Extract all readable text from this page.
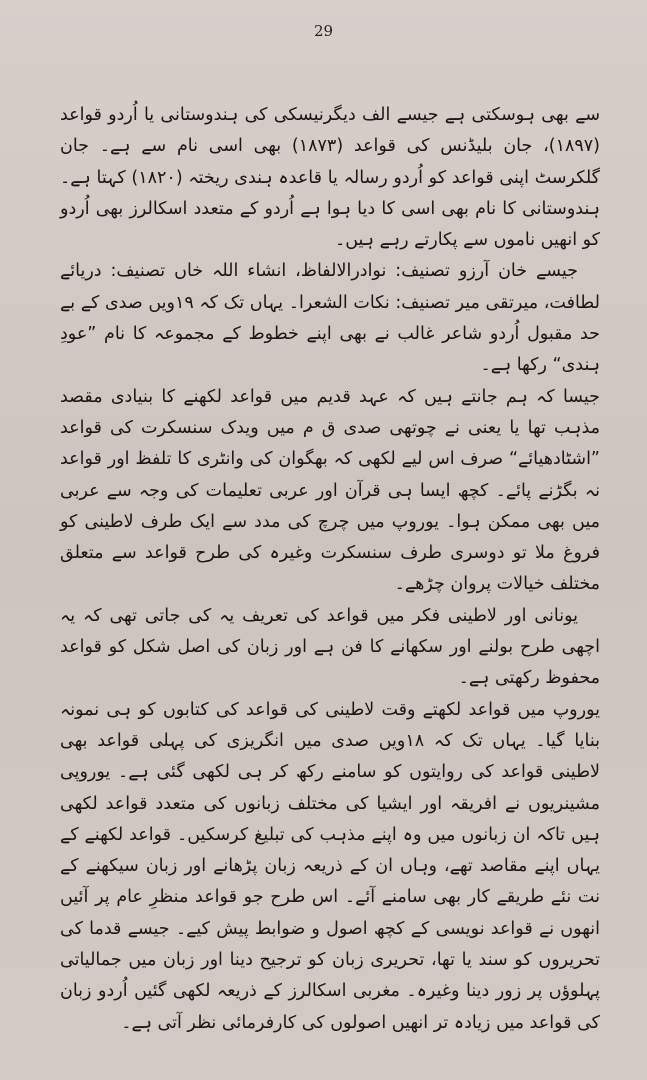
29

سے بھی ہوسکتی ہے جیسے الف دیگرنیسکی کی ہندوستانی یا اُردو قواعد (۱۸۹۷)، جان بلیڈنس کی قواعد (۱۸۷۳) بھی اسی نام سے ہے۔ جان گلکرسٹ اپنی قواعد کو اُردو رسالہ یا قاعدہ ہندی ریختہ (۱۸۲۰) کہتا ہے۔ ہندوستانی کا نام بھی اسی کا دیا ہوا ہے اُردو کے متعدد اسکالرز بھی اُردو کو انھیں ناموں سے پکارتے رہے ہیں۔

جیسے خان آرزو تصنیف: نوادرالالفاظ، انشاء اللہ خاں تصنیف: دریائے لطافت، میرتقی میر تصنیف: نکات الشعرا۔ یہاں تک کہ ۱۹ویں صدی کے بے حد مقبول اُردو شاعر غالب نے بھی اپنے خطوط کے مجموعہ کا نام ”عودِ ہندی“ رکھا ہے۔

جیسا کہ ہم جانتے ہیں کہ عہد قدیم میں قواعد لکھنے کا بنیادی مقصد مذہب تھا یا یعنی نے چوتھی صدی ق م میں ویدک سنسکرت کی قواعد ”اشٹادھیائے“ صرف اس لیے لکھی کہ بھگوان کی وانٹری کا تلفظ اور قواعد نہ بگڑنے پائے۔ کچھ ایسا ہی قرآن اور عربی تعلیمات کی وجہ سے عربی میں بھی ممکن ہوا۔ یوروپ میں چرچ کی مدد سے ایک طرف لاطینی کو فروغ ملا تو دوسری طرف سنسکرت وغیرہ کی طرح قواعد سے متعلق مختلف خیالات پروان چڑھے۔

یونانی اور لاطینی فکر میں قواعد کی تعریف یہ کی جاتی تھی کہ یہ اچھی طرح بولنے اور سکھانے کا فن ہے اور زبان کی اصل شکل کو قواعد محفوظ رکھتی ہے۔

یوروپ میں قواعد لکھتے وقت لاطینی کی قواعد کی کتابوں کو ہی نمونہ بنایا گیا۔ یہاں تک کہ ۱۸ویں صدی میں انگریزی کی پہلی قواعد بھی لاطینی قواعد کی روایتوں کو سامنے رکھ کر ہی لکھی گئی ہے۔ یوروپی مشینریوں نے افریقہ اور ایشیا کی مختلف زبانوں کی متعدد قواعد لکھی ہیں تاکہ ان زبانوں میں وہ اپنے مذہب کی تبلیغ کرسکیں۔ قواعد لکھنے کے یہاں اپنے مقاصد تھے، وہاں ان کے ذریعہ زبان پڑھانے اور زبان سیکھنے کے نت نئے طریقے کار بھی سامنے آئے۔ اس طرح جو قواعد منظرِ عام پر آئیں انھوں نے قواعد نویسی کے کچھ اصول و ضوابط پیش کیے۔ جیسے قدما کی تحریروں کو سند یا تھا، تحریری زبان کو ترجیح دینا اور زبان میں جمالیاتی پہلوؤں پر زور دینا وغیرہ۔ مغربی اسکالرز کے ذریعہ لکھی گئیں اُردو زبان کی قواعد میں زیادہ تر انھیں اصولوں کی کارفرمائی نظر آتی ہے۔
